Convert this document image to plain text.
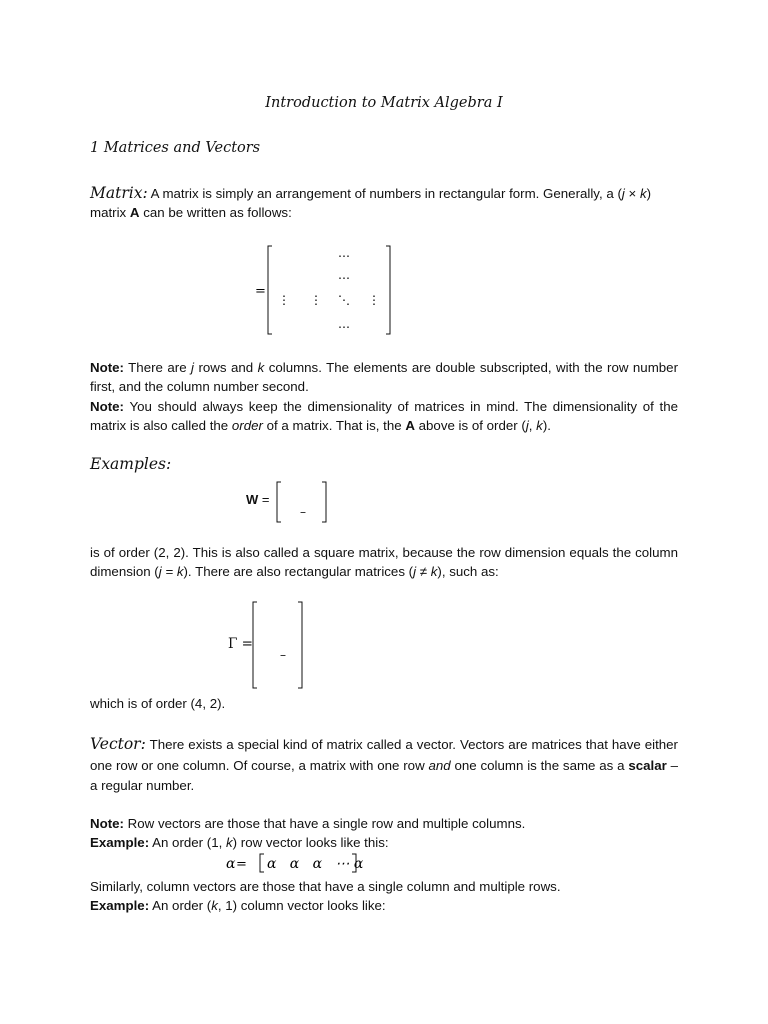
Introduction to Matrix Algebra I
1 Matrices and Vectors
Matrix: A matrix is simply an arrangement of numbers in rectangular form. Generally, a (j × k)
matrix A can be written as follows:
=
…
…
⋮ ⋮ ⋱ ⋮
…
Note: There are j rows and k columns. The elements are double subscripted, with the row number first, and the column number second.
Note: You should always keep the dimensionality of matrices in mind. The dimensionality of the matrix is also called the order of a matrix. That is, the A above is of order (j, k).
Examples:
W =
–
is of order (2, 2). This is also called a square matrix, because the row dimension equals the column dimension (j = k). There are also rectangular matrices (j ≠ k), such as:
Γ =
–
which is of order (4, 2).
Vector: There exists a special kind of matrix called a vector. Vectors are matrices that have either one row or one column. Of course, a matrix with one row and one column is the same as a scalar – a regular number.
Note: Row vectors are those that have a single row and multiple columns.
Example: An order (1, k) row vector looks like this:
α = α   α   α   ⋯ α
Similarly, column vectors are those that have a single column and multiple rows.
Example: An order (k, 1) column vector looks like:
